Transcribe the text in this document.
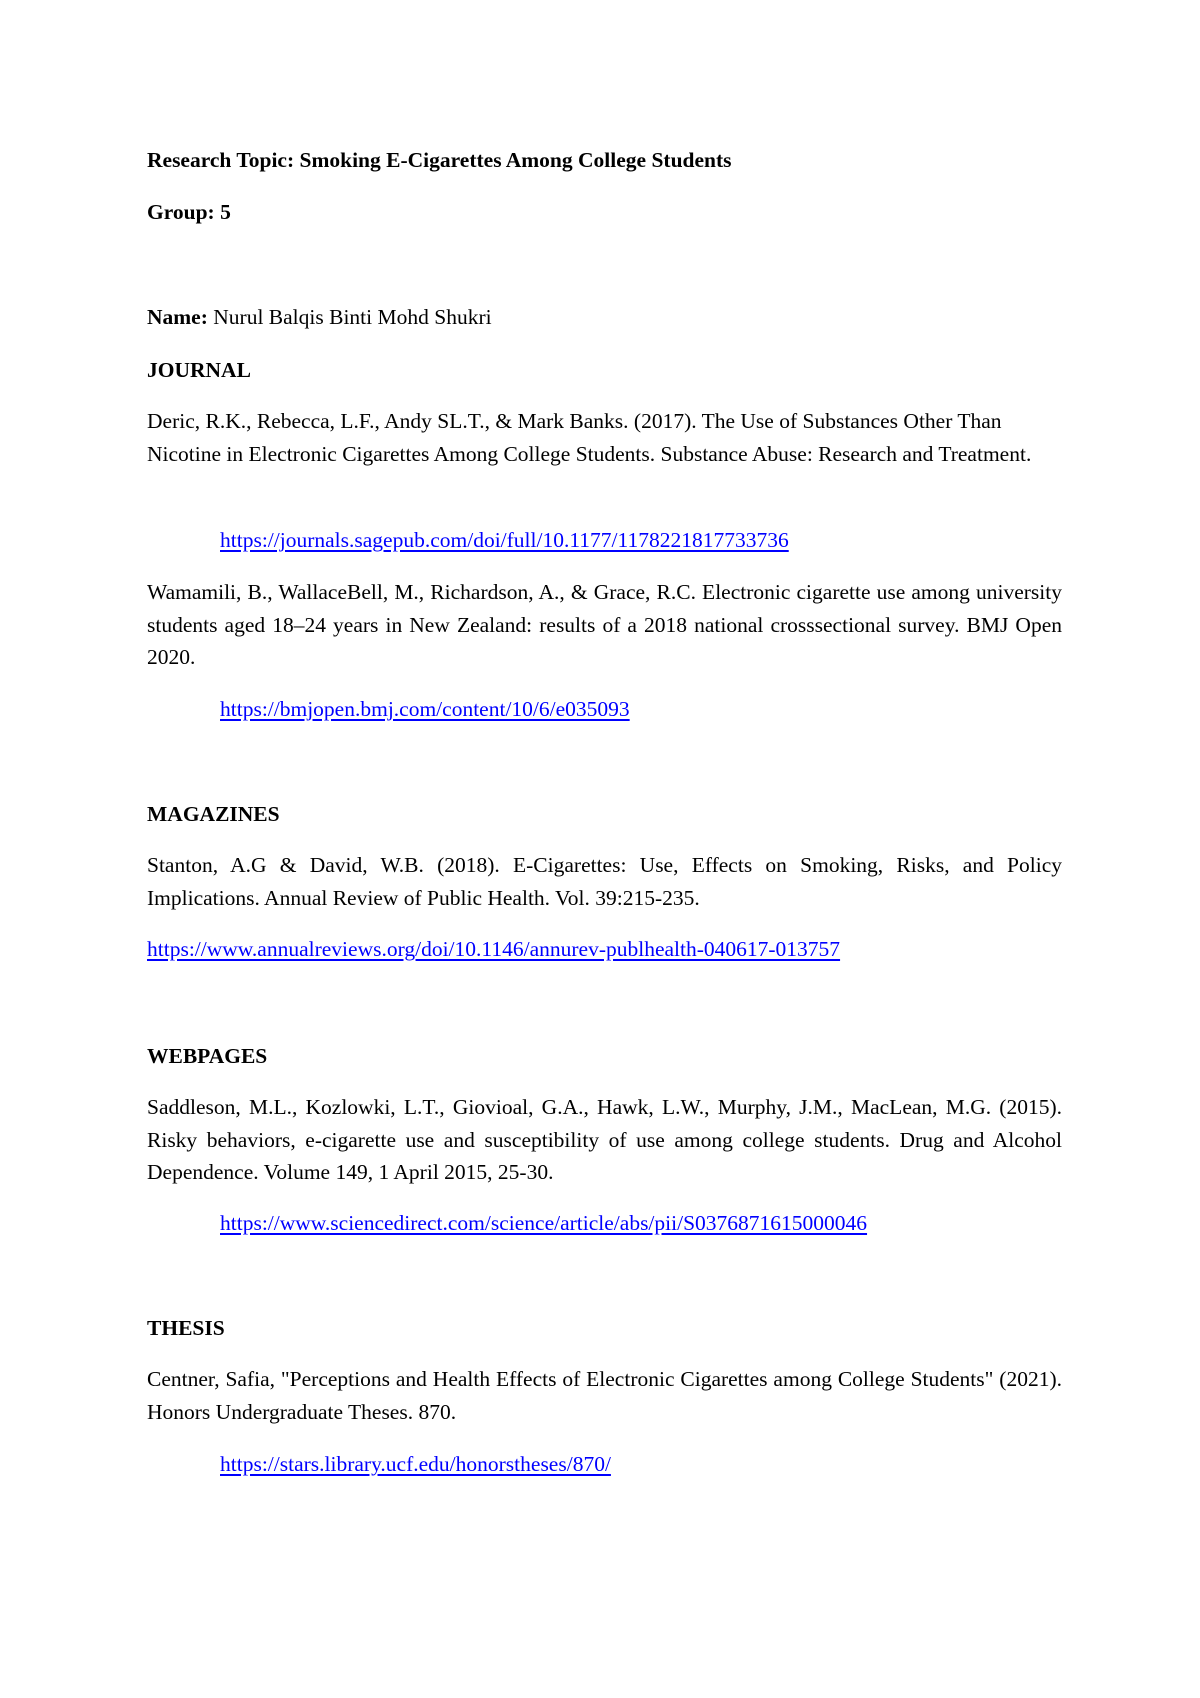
Research Topic: Smoking E-Cigarettes Among College Students
Group: 5
Name: Nurul Balqis Binti Mohd Shukri
JOURNAL
Deric, R.K., Rebecca, L.F., Andy SL.T., & Mark Banks. (2017). The Use of Substances Other Than Nicotine in Electronic Cigarettes Among College Students. Substance Abuse: Research and Treatment.
https://journals.sagepub.com/doi/full/10.1177/1178221817733736
Wamamili, B., WallaceBell, M., Richardson, A., & Grace, R.C. Electronic cigarette use among university students aged 18–24 years in New Zealand: results of a 2018 national crosssectional survey. BMJ Open 2020.
https://bmjopen.bmj.com/content/10/6/e035093
MAGAZINES
Stanton, A.G & David, W.B. (2018). E-Cigarettes: Use, Effects on Smoking, Risks, and Policy Implications. Annual Review of Public Health. Vol. 39:215-235.
https://www.annualreviews.org/doi/10.1146/annurev-publhealth-040617-013757
WEBPAGES
Saddleson, M.L., Kozlowki, L.T., Giovioal, G.A., Hawk, L.W., Murphy, J.M., MacLean, M.G. (2015). Risky behaviors, e-cigarette use and susceptibility of use among college students. Drug and Alcohol Dependence. Volume 149, 1 April 2015, 25-30.
https://www.sciencedirect.com/science/article/abs/pii/S0376871615000046
THESIS
Centner, Safia, "Perceptions and Health Effects of Electronic Cigarettes among College Students" (2021). Honors Undergraduate Theses. 870.
https://stars.library.ucf.edu/honorstheses/870/
